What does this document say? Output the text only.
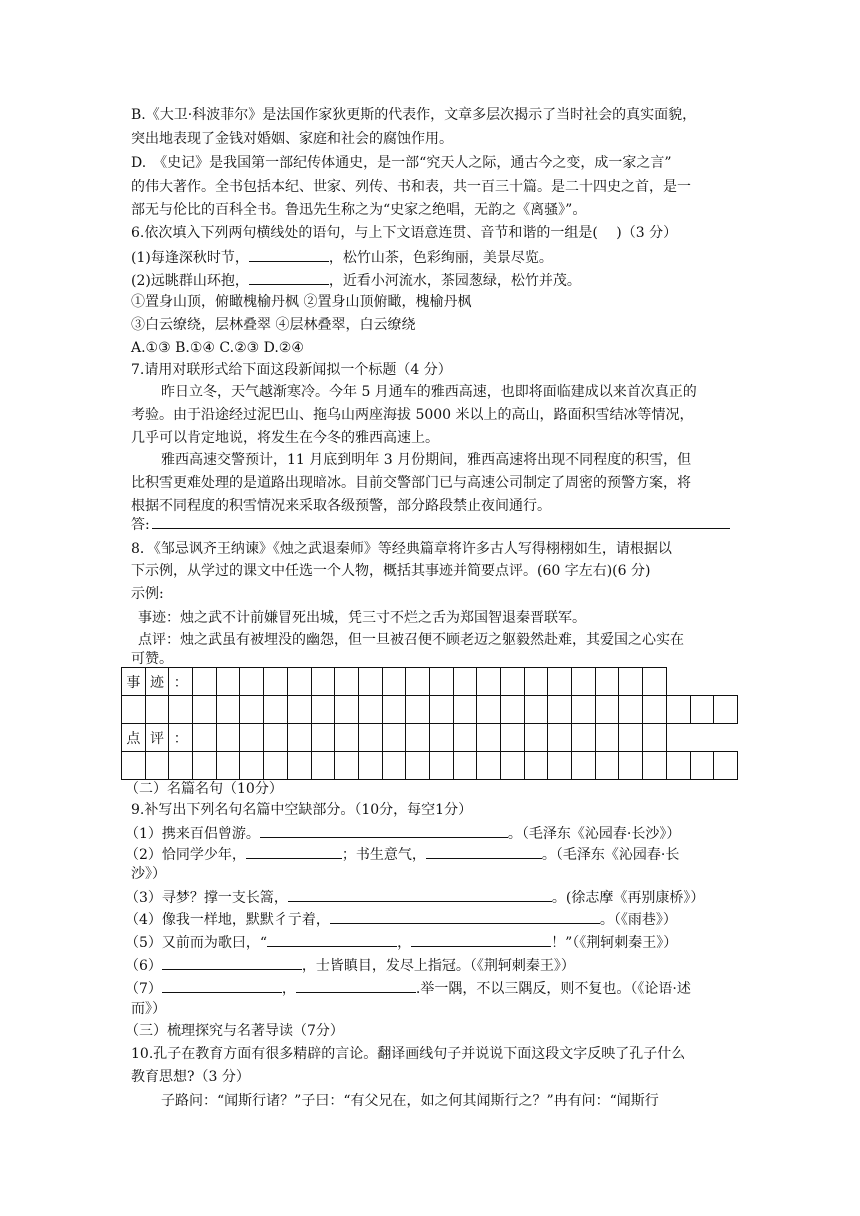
B.《大卫·科波菲尔》是法国作家狄更斯的代表作，文章多层次揭示了当时社会的真实面貌，
突出地表现了金钱对婚姻、家庭和社会的腐蚀作用。
D.　《史记》是我国第一部纪传体通史，是一部“究天人之际，通古今之变，成一家之言”
的伟大著作。全书包括本纪、世家、列传、书和表，共一百三十篇。是二十四史之首，是一
部无与伦比的百科全书。鲁迅先生称之为“史家之绝唱，无韵之《离骚》”。
6.依次填入下列两句横线处的语句，与上下文语意连贯、音节和谐的一组是(　 )（3 分）
(1)每逢深秋时节，	，松竹山茶，色彩绚丽，美景尽览。
(2)远眺群山环抱，	，近看小河流水，茶园葱绿，松竹并茂。
①置身山顶，俯瞰槐榆丹枫 ②置身山顶俯瞰，槐榆丹枫
③白云缭绕，层林叠翠 ④层林叠翠，白云缭绕
A.①③ B.①④ C.②③ D.②④
7.请用对联形式给下面这段新闻拟一个标题（4 分）
昨日立冬，天气越渐寒冷。今年 5 月通车的雅西高速，也即将面临建成以来首次真正的
考验。由于沿途经过泥巴山、拖乌山两座海拔 5000 米以上的高山，路面积雪结冰等情况，
几乎可以肯定地说，将发生在今冬的雅西高速上。
雅西高速交警预计，11 月底到明年 3 月份期间，雅西高速将出现不同程度的积雪，但
比积雪更难处理的是道路出现暗冰。目前交警部门已与高速公司制定了周密的预警方案，将
根据不同程度的积雪情况来采取各级预警，部分路段禁止夜间通行。
答:
8．《邹忌讽齐王纳谏》《烛之武退秦师》等经典篇章将许多古人写得栩栩如生，请根据以
下示例，从学过的课文中任选一个人物，概括其事迹并简要点评。(60 字左右)(6 分)
示例:
事迹：烛之武不计前嫌冒死出城，凭三寸不烂之舌为郑国智退秦晋联军。
点评：烛之武虽有被埋没的幽怨，但一旦被召便不顾老迈之躯毅然赴难，其爱国之心实在
可赞。
事	迹	：																							

点	评	：																							

（二）名篇名句（10分）
9.补写出下列名句名篇中空缺部分。（10分，每空1分）
（1）携来百侣曾游。	。（毛泽东《沁园春·长沙》）
（2）恰同学少年，	；书生意气，	。（毛泽东《沁园春·长
沙》）
（3）寻梦？撑一支长篙，	。(徐志摩《再别康桥》）
（4）像我一样地，默默彳亍着，	。（《雨巷》）
（5）又前而为歌曰，“	，	！”（《荆轲刺秦王》）
（6）	，士皆瞋目，发尽上指冠。（《荆轲刺秦王》）
（7）	，	.举一隅，不以三隅反，则不复也。（《论语·述
而》）
（三）梳理探究与名著导读（7分）
10.孔子在教育方面有很多精辟的言论。翻译画线句子并说说下面这段文字反映了孔子什么
教育思想?（3 分）
子路问：“闻斯行诸？”子曰：“有父兄在，如之何其闻斯行之？”冉有问：“闻斯行
